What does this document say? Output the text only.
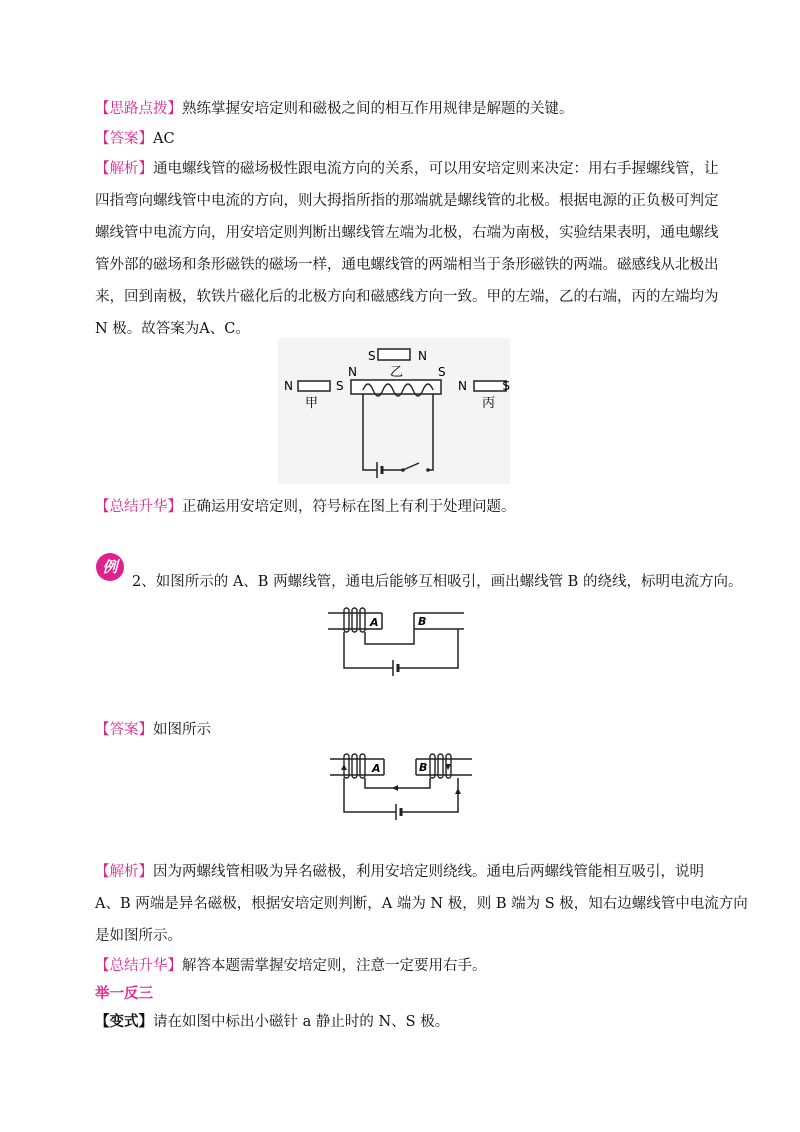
【思路点拨】熟练掌握安培定则和磁极之间的相互作用规律是解题的关键。
【答案】AC
【解析】通电螺线管的磁场极性跟电流方向的关系，可以用安培定则来决定：用右手握螺线管，让
四指弯向螺线管中电流的方向，则大拇指所指的那端就是螺线管的北极。根据电源的正负极可判定
螺线管中电流方向，用安培定则判断出螺线管左端为北极，右端为南极，实验结果表明，通电螺线
管外部的磁场和条形磁铁的磁场一样，通电螺线管的两端相当于条形磁铁的两端。磁感线从北极出
来，回到南极，软铁片磁化后的北极方向和磁感线方向一致。甲的左端，乙的右端，丙的左端均为
N 极。故答案为A、C。
S	N
乙
N	S
N	S
甲
N	S
丙
【总结升华】正确运用安培定则，符号标在图上有利于处理问题。
例
2、如图所示的 A、B 两螺线管，通电后能够互相吸引，画出螺线管 B 的绕线，标明电流方向。
A	B
【答案】如图所示
A	B
【解析】因为两螺线管相吸为异名磁极，利用安培定则绕线。通电后两螺线管能相互吸引，说明
A、B 两端是异名磁极，根据安培定则判断，A 端为 N 极，则 B 端为 S 极，知右边螺线管中电流方向
是如图所示。
【总结升华】解答本题需掌握安培定则，注意一定要用右手。
举一反三
【变式】请在如图中标出小磁针 a 静止时的 N、S 极。
